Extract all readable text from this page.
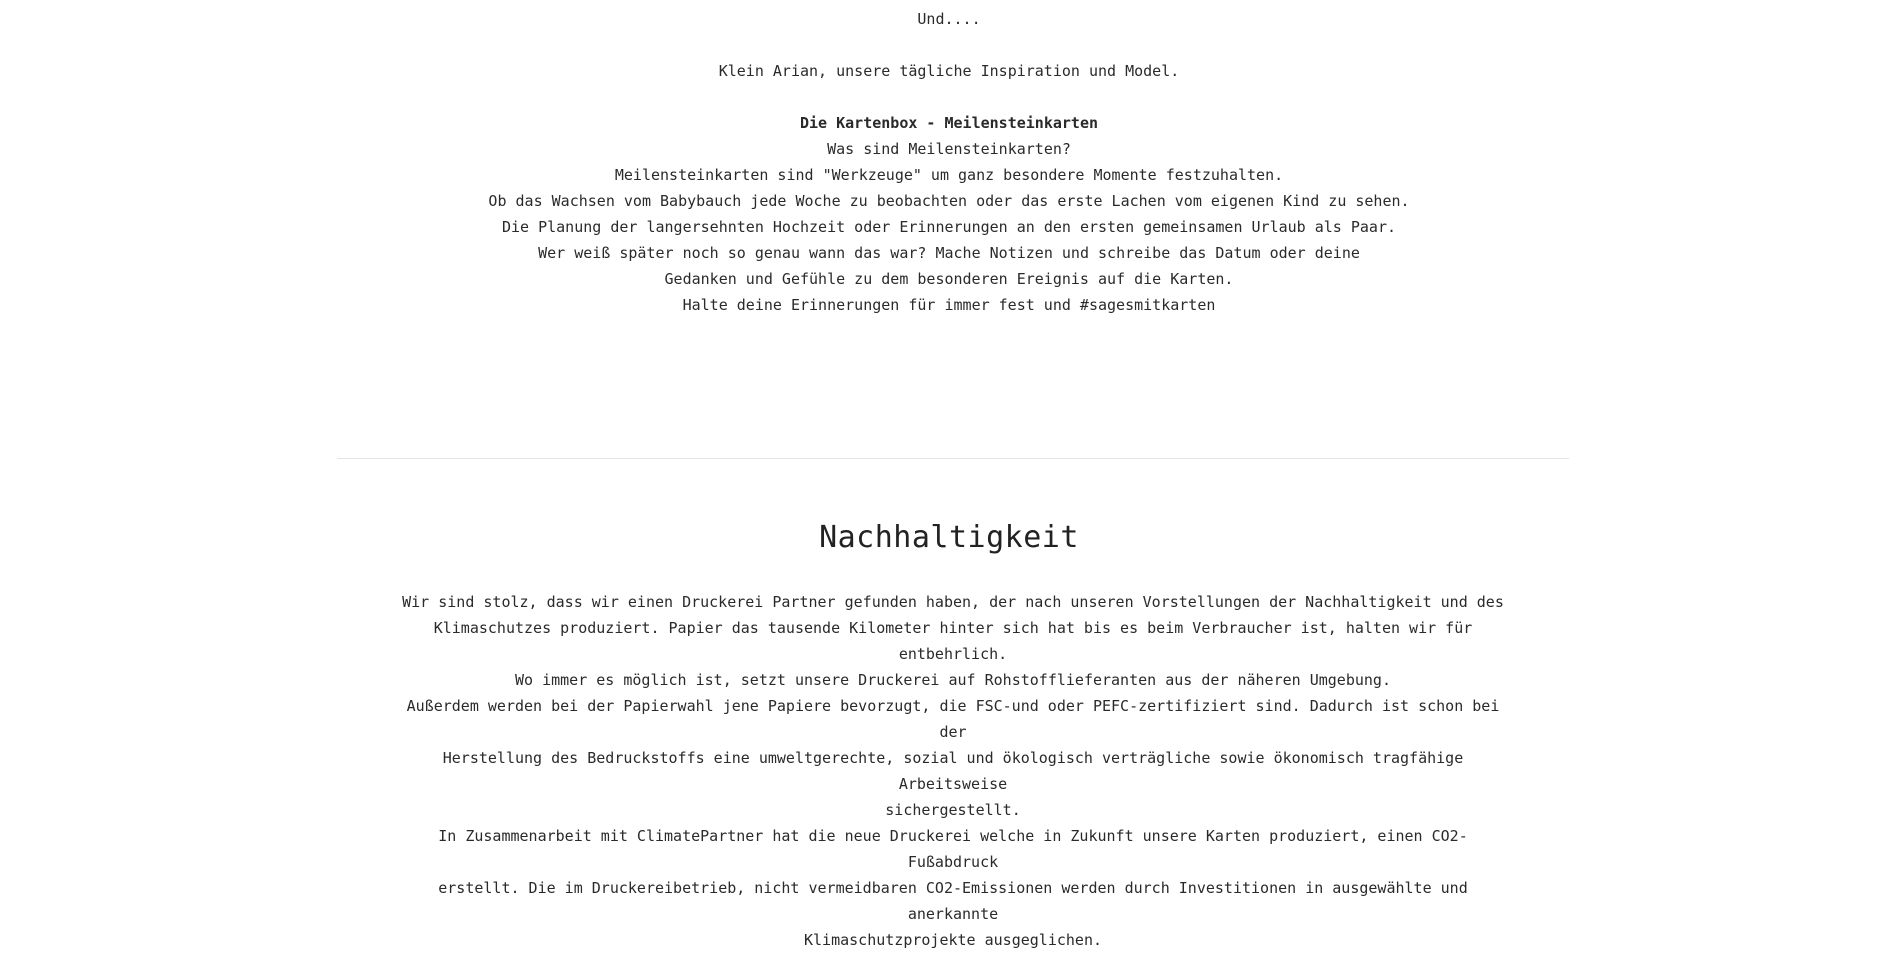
Und....

Klein Arian, unsere tägliche Inspiration und Model.

Die Kartenbox - Meilensteinkarten

Was sind Meilensteinkarten?

Meilensteinkarten sind "Werkzeuge" um ganz besondere Momente festzuhalten.

Ob das Wachsen vom Babybauch jede Woche zu beobachten oder das erste Lachen vom eigenen Kind zu sehen.

Die Planung der langersehnten Hochzeit oder Erinnerungen an den ersten gemeinsamen Urlaub als Paar.

Wer weiß später noch so genau wann das war? Mache Notizen und schreibe das Datum oder deine

Gedanken und Gefühle zu dem besonderen Ereignis auf die Karten.

Halte deine Erinnerungen für immer fest und #sagesmitkarten

Nachhaltigkeit

Wir sind stolz, dass wir einen Druckerei Partner gefunden haben, der nach unseren Vorstellungen der Nachhaltigkeit und des
Klimaschutzes produziert. Papier das tausende Kilometer hinter sich hat bis es beim Verbraucher ist, halten wir für entbehrlich.
Wo immer es möglich ist, setzt unsere Druckerei auf Rohstofflieferanten aus der näheren Umgebung.
Außerdem werden bei der Papierwahl jene Papiere bevorzugt, die FSC-und oder PEFC-zertifiziert sind. Dadurch ist schon bei der
Herstellung des Bedruckstoffs eine umweltgerechte, sozial und ökologisch verträgliche sowie ökonomisch tragfähige Arbeitsweise
sichergestellt.
In Zusammenarbeit mit ClimatePartner hat die neue Druckerei welche in Zukunft unsere Karten produziert, einen CO2-Fußabdruck
erstellt. Die im Druckereibetrieb, nicht vermeidbaren CO2-Emissionen werden durch Investitionen in ausgewählte und anerkannte
Klimaschutzprojekte ausgeglichen.
